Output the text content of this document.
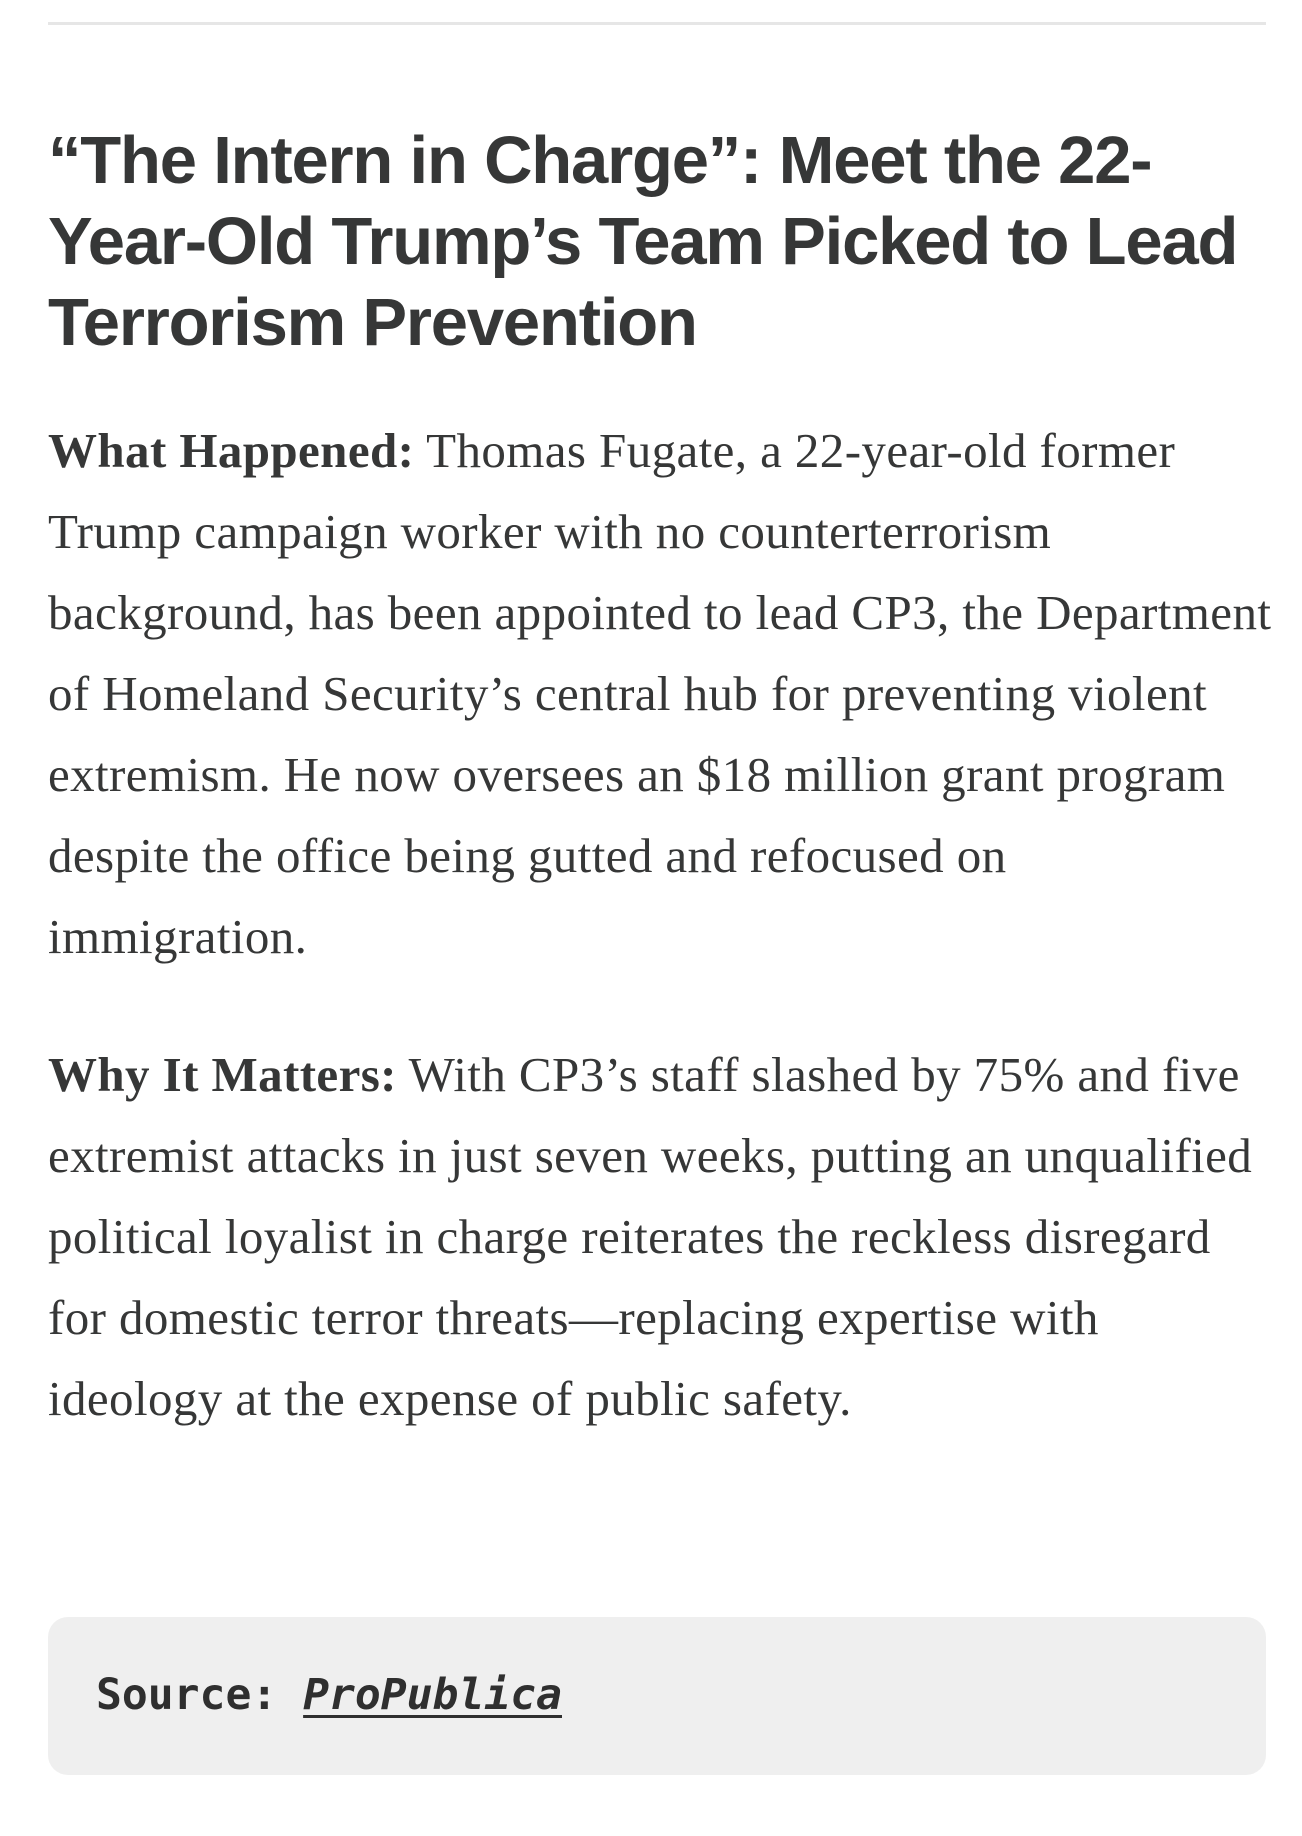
“The Intern in Charge”: Meet the 22-Year-Old Trump’s Team Picked to Lead Terrorism Prevention

What Happened: Thomas Fugate, a 22-year-old former Trump campaign worker with no counterterrorism background, has been appointed to lead CP3, the Department of Homeland Security’s central hub for preventing violent extremism. He now oversees an $18 million grant program despite the office being gutted and refocused on immigration.

Why It Matters: With CP3’s staff slashed by 75% and five extremist attacks in just seven weeks, putting an unqualified political loyalist in charge reiterates the reckless disregard for domestic terror threats—replacing expertise with ideology at the expense of public safety.

Source: ProPublica
